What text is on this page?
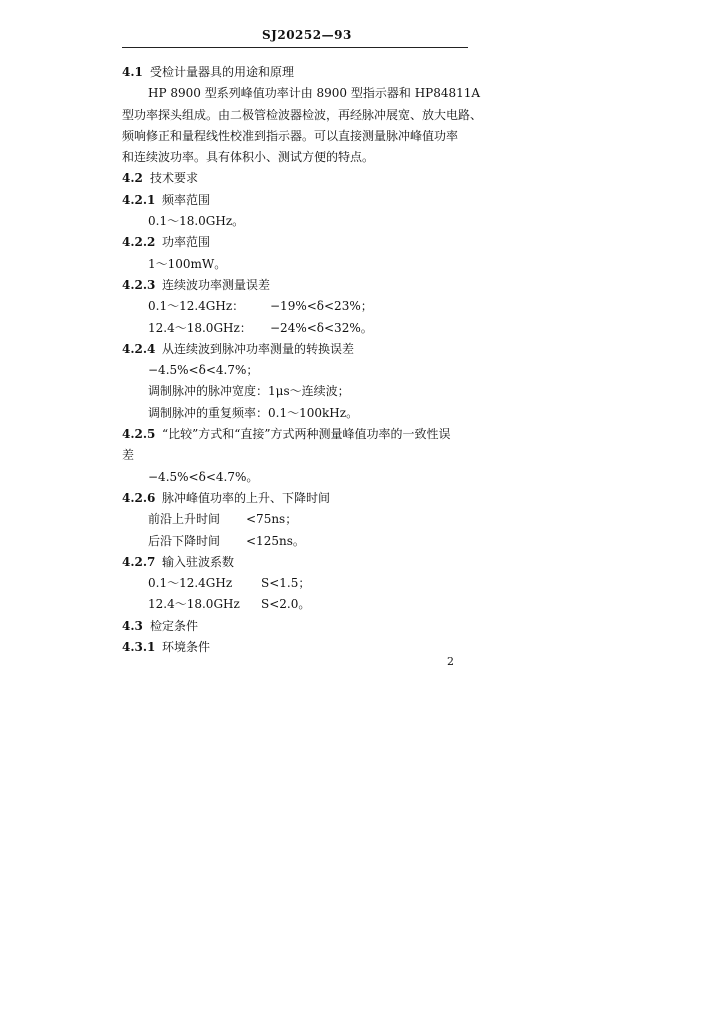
SJ20252—93
4.1 受检计量器具的用途和原理
HP 8900 型系列峰值功率计由 8900 型指示器和 HP84811A
型功率探头组成。由二极管检波器检波，再经脉冲展宽、放大电路、
频响修正和量程线性校准到指示器。可以直接测量脉冲峰值功率
和连续波功率。具有体积小、测试方便的特点。
4.2 技术要求
4.2.1 频率范围
0.1～18.0GHz。
4.2.2 功率范围
1～100mW。
4.2.3 连续波功率测量误差
0.1～12.4GHz： −19%<δ<23%；
12.4～18.0GHz： −24%<δ<32%。
4.2.4 从连续波到脉冲功率测量的转换误差
−4.5%<δ<4.7%；
调制脉冲的脉冲宽度：1μs～连续波；
调制脉冲的重复频率：0.1～100kHz。
4.2.5 “比较”方式和“直接”方式两种测量峰值功率的一致性误
差
−4.5%<δ<4.7%。
4.2.6 脉冲峰值功率的上升、下降时间
前沿上升时间 <75ns；
后沿下降时间 <125ns。
4.2.7 输入驻波系数
0.1～12.4GHz S<1.5；
12.4～18.0GHz S<2.0。
4.3 检定条件
4.3.1 环境条件
2
